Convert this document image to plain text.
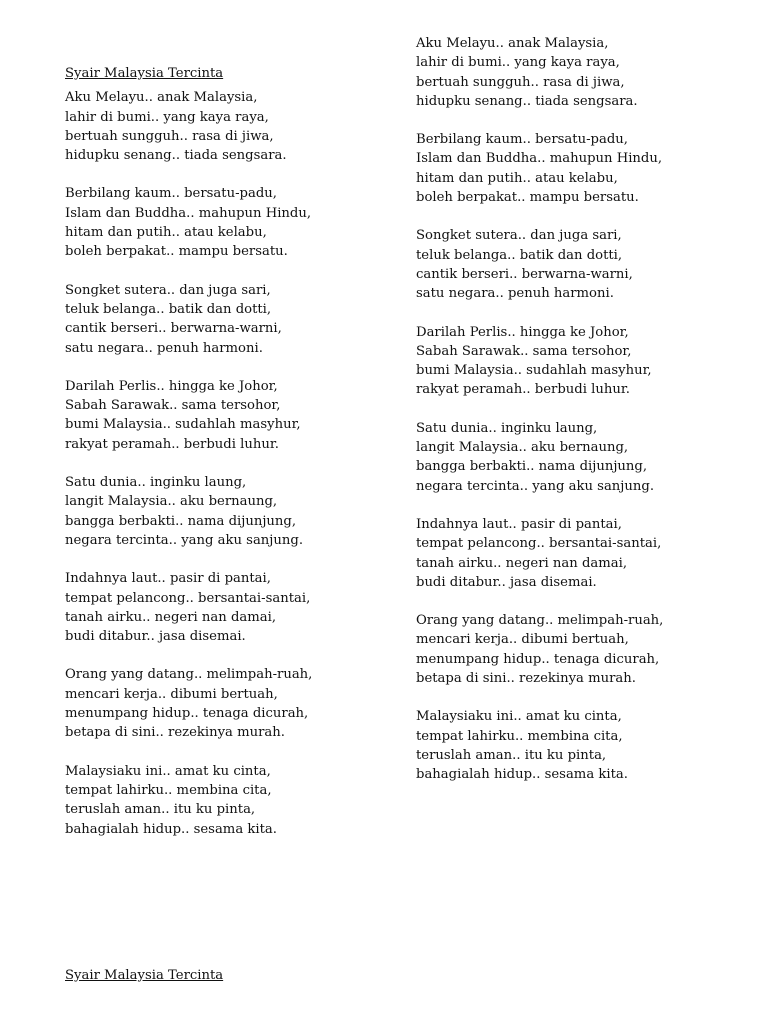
Syair Malaysia Tercinta
Aku Melayu.. anak Malaysia,
lahir di bumi.. yang kaya raya,
bertuah sungguh.. rasa di jiwa,
hidupku senang.. tiada sengsara.
Berbilang kaum.. bersatu-padu,
Islam dan Buddha.. mahupun Hindu,
hitam dan putih.. atau kelabu,
boleh berpakat.. mampu bersatu.
Songket sutera.. dan juga sari,
teluk belanga.. batik dan dotti,
cantik berseri.. berwarna-warni,
satu negara.. penuh harmoni.
Darilah Perlis.. hingga ke Johor,
Sabah Sarawak.. sama tersohor,
bumi Malaysia.. sudahlah masyhur,
rakyat peramah.. berbudi luhur.
Satu dunia.. inginku laung,
langit Malaysia.. aku bernaung,
bangga berbakti.. nama dijunjung,
negara tercinta.. yang aku sanjung.
Indahnya laut.. pasir di pantai,
tempat pelancong.. bersantai-santai,
tanah airku.. negeri nan damai,
budi ditabur.. jasa disemai.
Orang yang datang.. melimpah-ruah,
mencari kerja.. dibumi bertuah,
menumpang hidup.. tenaga dicurah,
betapa di sini.. rezekinya murah.
Malaysiaku ini.. amat ku cinta,
tempat lahirku.. membina cita,
teruslah aman.. itu ku pinta,
bahagialah hidup.. sesama kita.
Aku Melayu.. anak Malaysia,
lahir di bumi.. yang kaya raya,
bertuah sungguh.. rasa di jiwa,
hidupku senang.. tiada sengsara.
Berbilang kaum.. bersatu-padu,
Islam dan Buddha.. mahupun Hindu,
hitam dan putih.. atau kelabu,
boleh berpakat.. mampu bersatu.
Songket sutera.. dan juga sari,
teluk belanga.. batik dan dotti,
cantik berseri.. berwarna-warni,
satu negara.. penuh harmoni.
Darilah Perlis.. hingga ke Johor,
Sabah Sarawak.. sama tersohor,
bumi Malaysia.. sudahlah masyhur,
rakyat peramah.. berbudi luhur.
Satu dunia.. inginku laung,
langit Malaysia.. aku bernaung,
bangga berbakti.. nama dijunjung,
negara tercinta.. yang aku sanjung.
Indahnya laut.. pasir di pantai,
tempat pelancong.. bersantai-santai,
tanah airku.. negeri nan damai,
budi ditabur.. jasa disemai.
Orang yang datang.. melimpah-ruah,
mencari kerja.. dibumi bertuah,
menumpang hidup.. tenaga dicurah,
betapa di sini.. rezekinya murah.
Malaysiaku ini.. amat ku cinta,
tempat lahirku.. membina cita,
teruslah aman.. itu ku pinta,
bahagialah hidup.. sesama kita.
Syair Malaysia Tercinta
